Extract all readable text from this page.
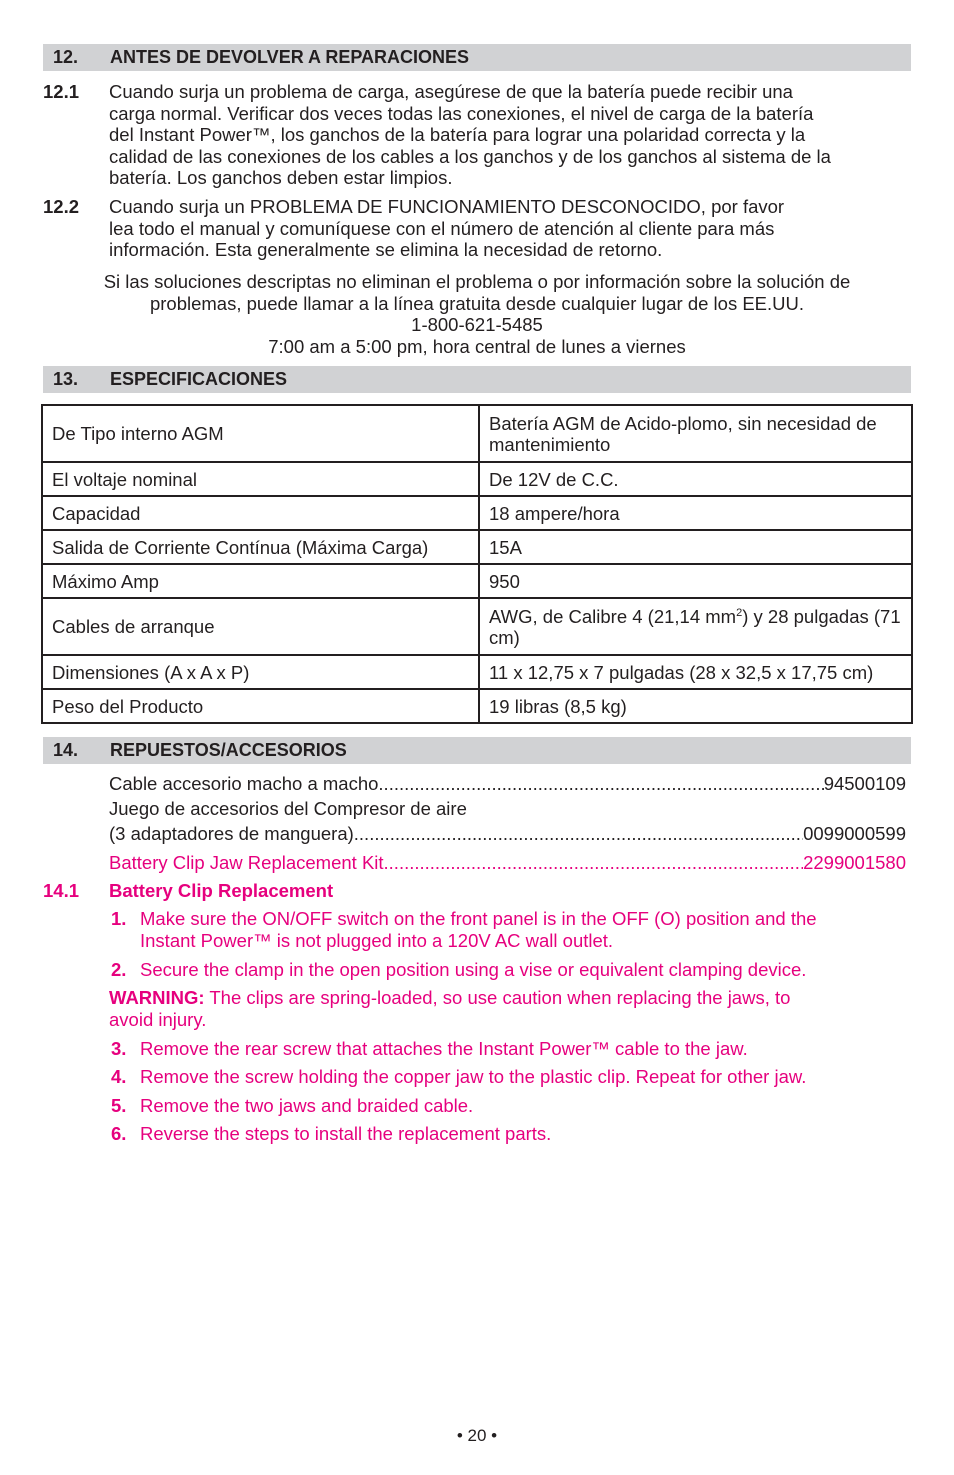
12. ANTES DE DEVOLVER A REPARACIONES
12.1 Cuando surja un problema de carga, asegúrese de que la batería puede recibir una
carga normal. Verificar dos veces todas las conexiones, el nivel de carga de la batería
del Instant Power™, los ganchos de la batería para lograr una polaridad correcta y la
calidad de las conexiones de los cables a los ganchos y de los ganchos al sistema de la
batería. Los ganchos deben estar limpios.
12.2 Cuando surja un PROBLEMA DE FUNCIONAMIENTO DESCONOCIDO, por favor
lea todo el manual y comuníquese con el número de atención al cliente para más
información. Esta generalmente se elimina la necesidad de retorno.
Si las soluciones descriptas no eliminan el problema o por información sobre la solución de
problemas, puede llamar a la línea gratuita desde cualquier lugar de los EE.UU.
1-800-621-5485
7:00 am a 5:00 pm, hora central de lunes a viernes
13. ESPECIFICACIONES
De Tipo interno AGM	Batería AGM de Acido-plomo, sin necesidad de mantenimiento
El voltaje nominal	De 12V de C.C.
Capacidad	18 ampere/hora
Salida de Corriente Contínua (Máxima Carga)	15A
Máximo Amp	950
Cables de arranque	AWG, de Calibre 4 (21,14 $mm^2$) y 28 pulgadas (71 cm)
Dimensiones (A x A x P)	11 x 12,75 x 7 pulgadas (28 x 32,5 x 17,75 cm)
Peso del Producto	19 libras (8,5 kg)
14. REPUESTOS/ACCESORIOS
Cable accesorio macho a macho .....	94500109
Juego de accesorios del Compresor de aire
(3 adaptadores de manguera) .....	0099000599
Battery Clip Jaw Replacement Kit .....	2299001580
14.1 Battery Clip Replacement
1. Make sure the ON/OFF switch on the front panel is in the OFF (O) position and the
Instant Power™ is not plugged into a 120V AC wall outlet.
2. Secure the clamp in the open position using a vise or equivalent clamping device.
WARNING: The clips are spring-loaded, so use caution when replacing the jaws, to
avoid injury.
3. Remove the rear screw that attaches the Instant Power™ cable to the jaw.
4. Remove the screw holding the copper jaw to the plastic clip. Repeat for other jaw.
5. Remove the two jaws and braided cable.
6. Reverse the steps to install the replacement parts.
• 20 •
